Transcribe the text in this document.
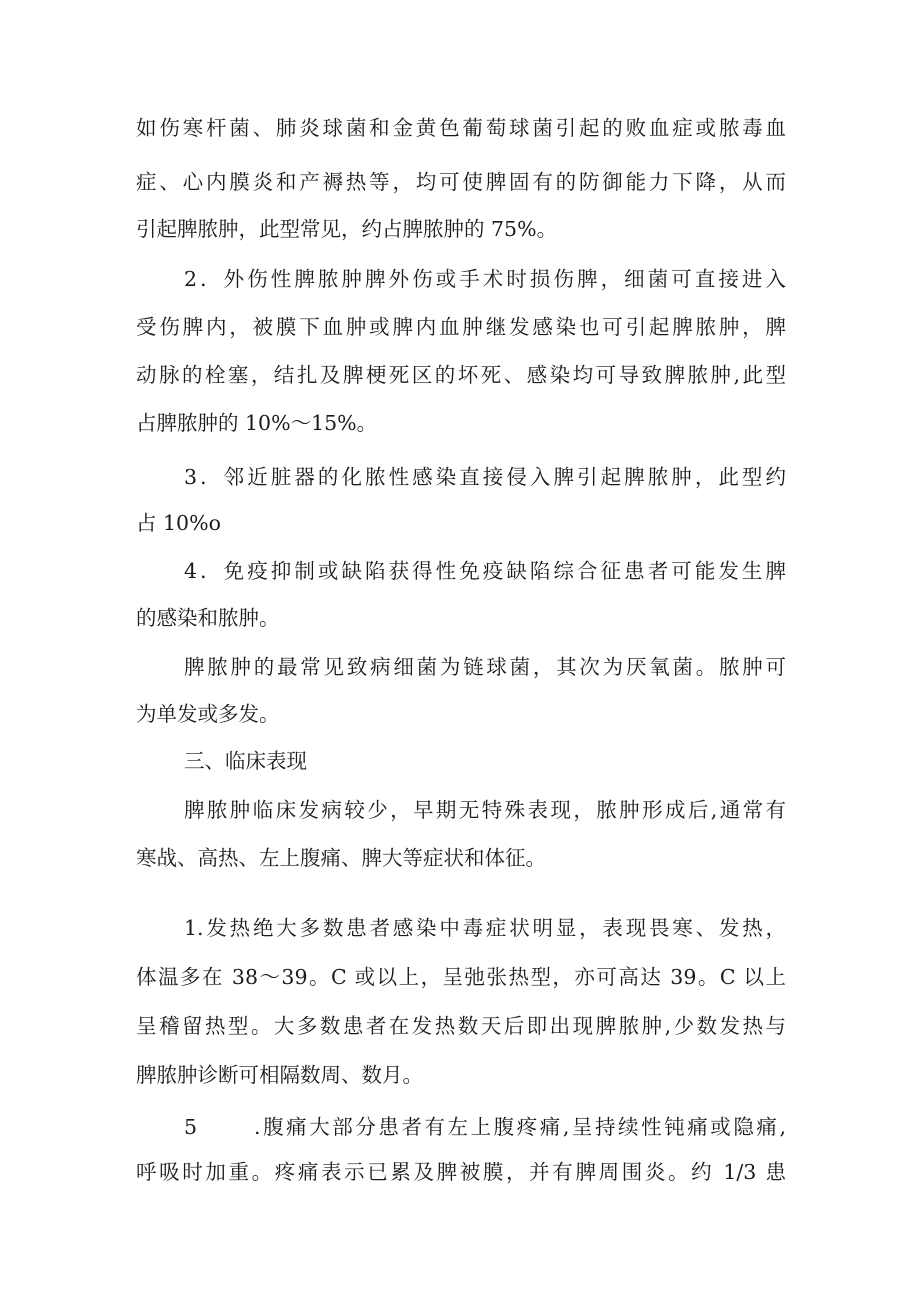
如伤寒杆菌、肺炎球菌和金黄色葡萄球菌引起的败血症或脓毒血

症、心内膜炎和产褥热等，均可使脾固有的防御能力下降，从而

引起脾脓肿，此型常见，约占脾脓肿的 75%。

2．外伤性脾脓肿脾外伤或手术时损伤脾，细菌可直接进入

受伤脾内，被膜下血肿或脾内血肿继发感染也可引起脾脓肿，脾

动脉的栓塞，结扎及脾梗死区的坏死、感染均可导致脾脓肿,此型

占脾脓肿的 10%～15%。

3．邻近脏器的化脓性感染直接侵入脾引起脾脓肿，此型约

占 10%o

4．免疫抑制或缺陷获得性免疫缺陷综合征患者可能发生脾

的感染和脓肿。

脾脓肿的最常见致病细菌为链球菌，其次为厌氧菌。脓肿可

为单发或多发。

三、临床表现

脾脓肿临床发病较少，早期无特殊表现，脓肿形成后,通常有

寒战、高热、左上腹痛、脾大等症状和体征。

1.发热绝大多数患者感染中毒症状明显，表现畏寒、发热，

体温多在 38～39。C 或以上，呈弛张热型，亦可高达 39。C 以上

呈稽留热型。大多数患者在发热数天后即出现脾脓肿,少数发热与

脾脓肿诊断可相隔数周、数月。

5	.腹痛大部分患者有左上腹疼痛,呈持续性钝痛或隐痛,

呼吸时加重。疼痛表示已累及脾被膜，并有脾周围炎。约 1/3 患
